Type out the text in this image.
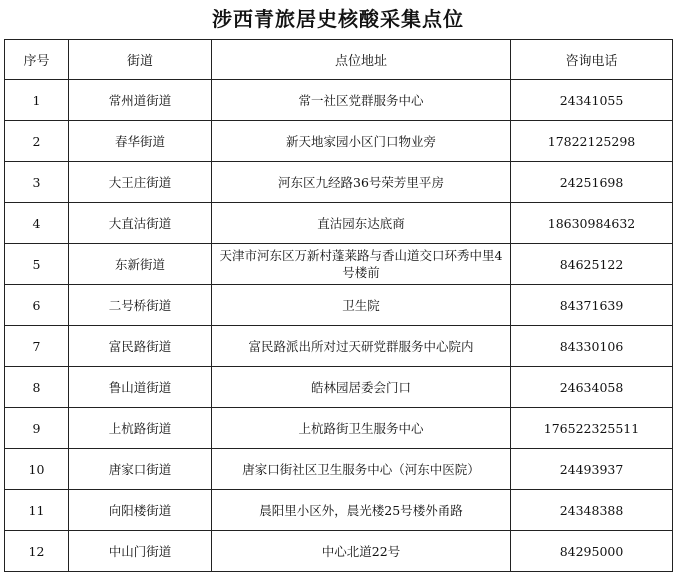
涉西青旅居史核酸采集点位
序号	街道	点位地址	咨询电话
1	常州道街道	常一社区党群服务中心	24341055
2	春华街道	新天地家园小区门口物业旁	17822125298
3	大王庄街道	河东区九经路36号荣芳里平房	24251698
4	大直沽街道	直沽园东达底商	18630984632
5	东新街道	天津市河东区万新村蓬莱路与香山道交口环秀中里4号楼前	84625122
6	二号桥街道	卫生院	84371639
7	富民路街道	富民路派出所对过天研党群服务中心院内	84330106
8	鲁山道街道	皓林园居委会门口	24634058
9	上杭路街道	上杭路街卫生服务中心	176522325511
10	唐家口街道	唐家口街社区卫生服务中心（河东中医院）	24493937
11	向阳楼街道	晨阳里小区外，晨光楼25号楼外甬路	24348388
12	中山门街道	中心北道22号	84295000
